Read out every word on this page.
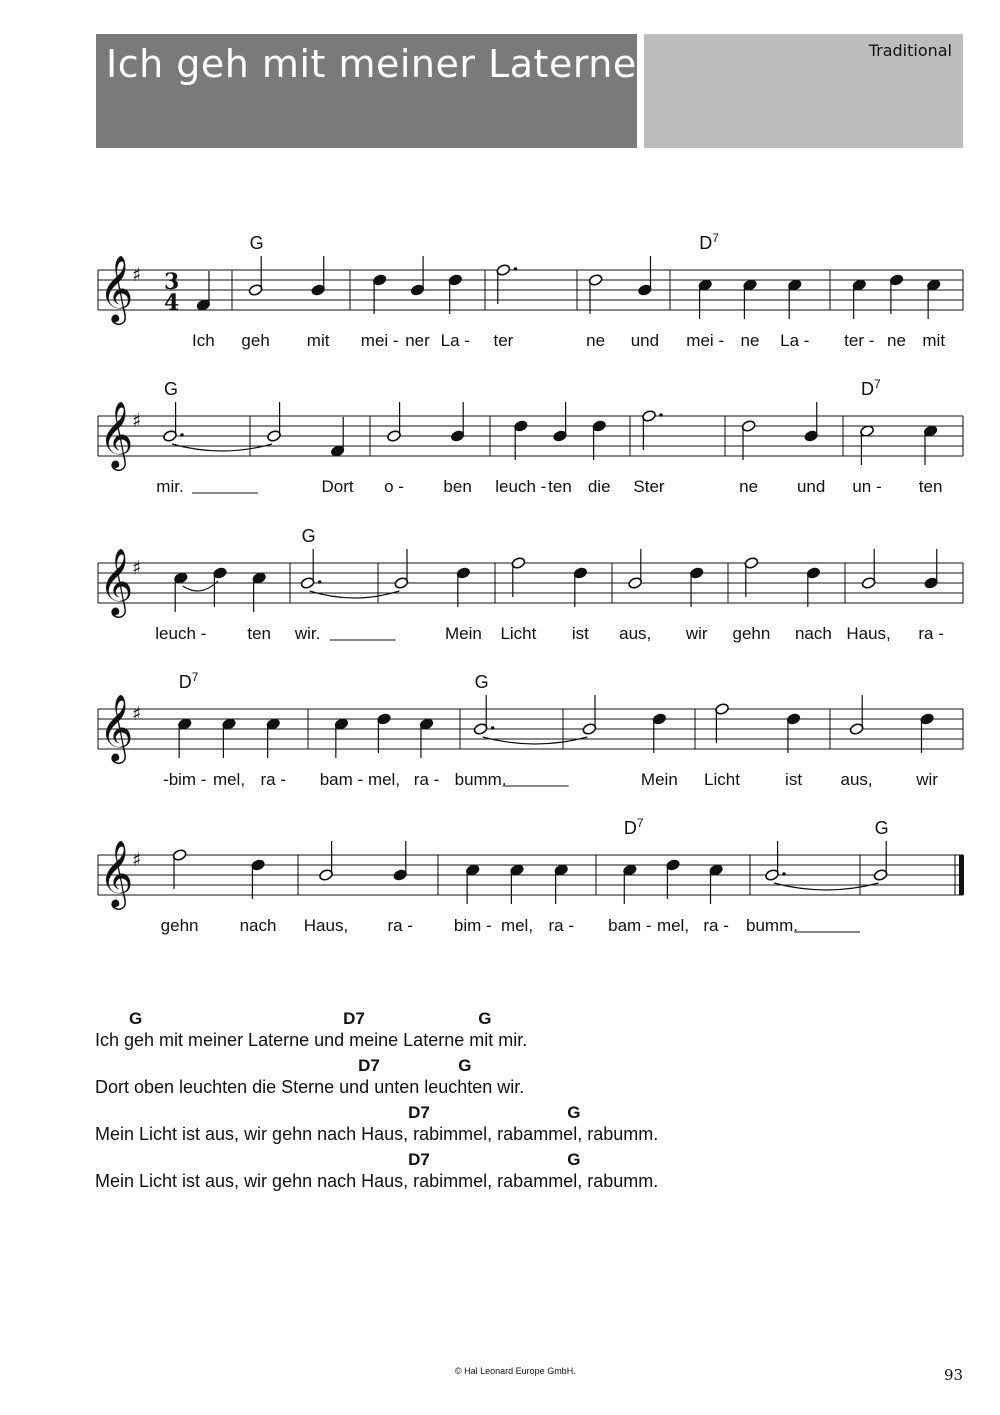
Ich geh mit meiner Laterne	Traditional
𝄞
♯ 3
4
Ich geh mit
G
mei - ner La - ter	ne und mei - ne La -
$D^7$
ter - ne mit
𝄞
♯
mir.
G
Dort o - ben leuch - ten die Ster	ne und un - ten
$D^7$
𝄞
♯
leuch - ten wir.
G
Mein Licht ist aus, wir gehn nach Haus, ra -
𝄞
♯
-bim - mel, ra -
$D^7$
bam - mel, ra - bumm.
G
Mein Licht	ist aus,	wir
𝄞
♯
gehn nach Haus, ra - bim - mel, ra - bam - mel, ra -
$D^7$
bumm.
G
Ich geh mit meiner Laterne und meine Laterne mit mir.
G	D7	G
Dort oben leuchten die Sterne und unten leuchten wir.
D7	G
Mein Licht ist aus, wir gehn nach Haus, rabimmel, rabammel, rabumm.
D7	G
Mein Licht ist aus, wir gehn nach Haus, rabimmel, rabammel, rabumm.
D7	G
© Hal Leonard Europe GmbH.	93
